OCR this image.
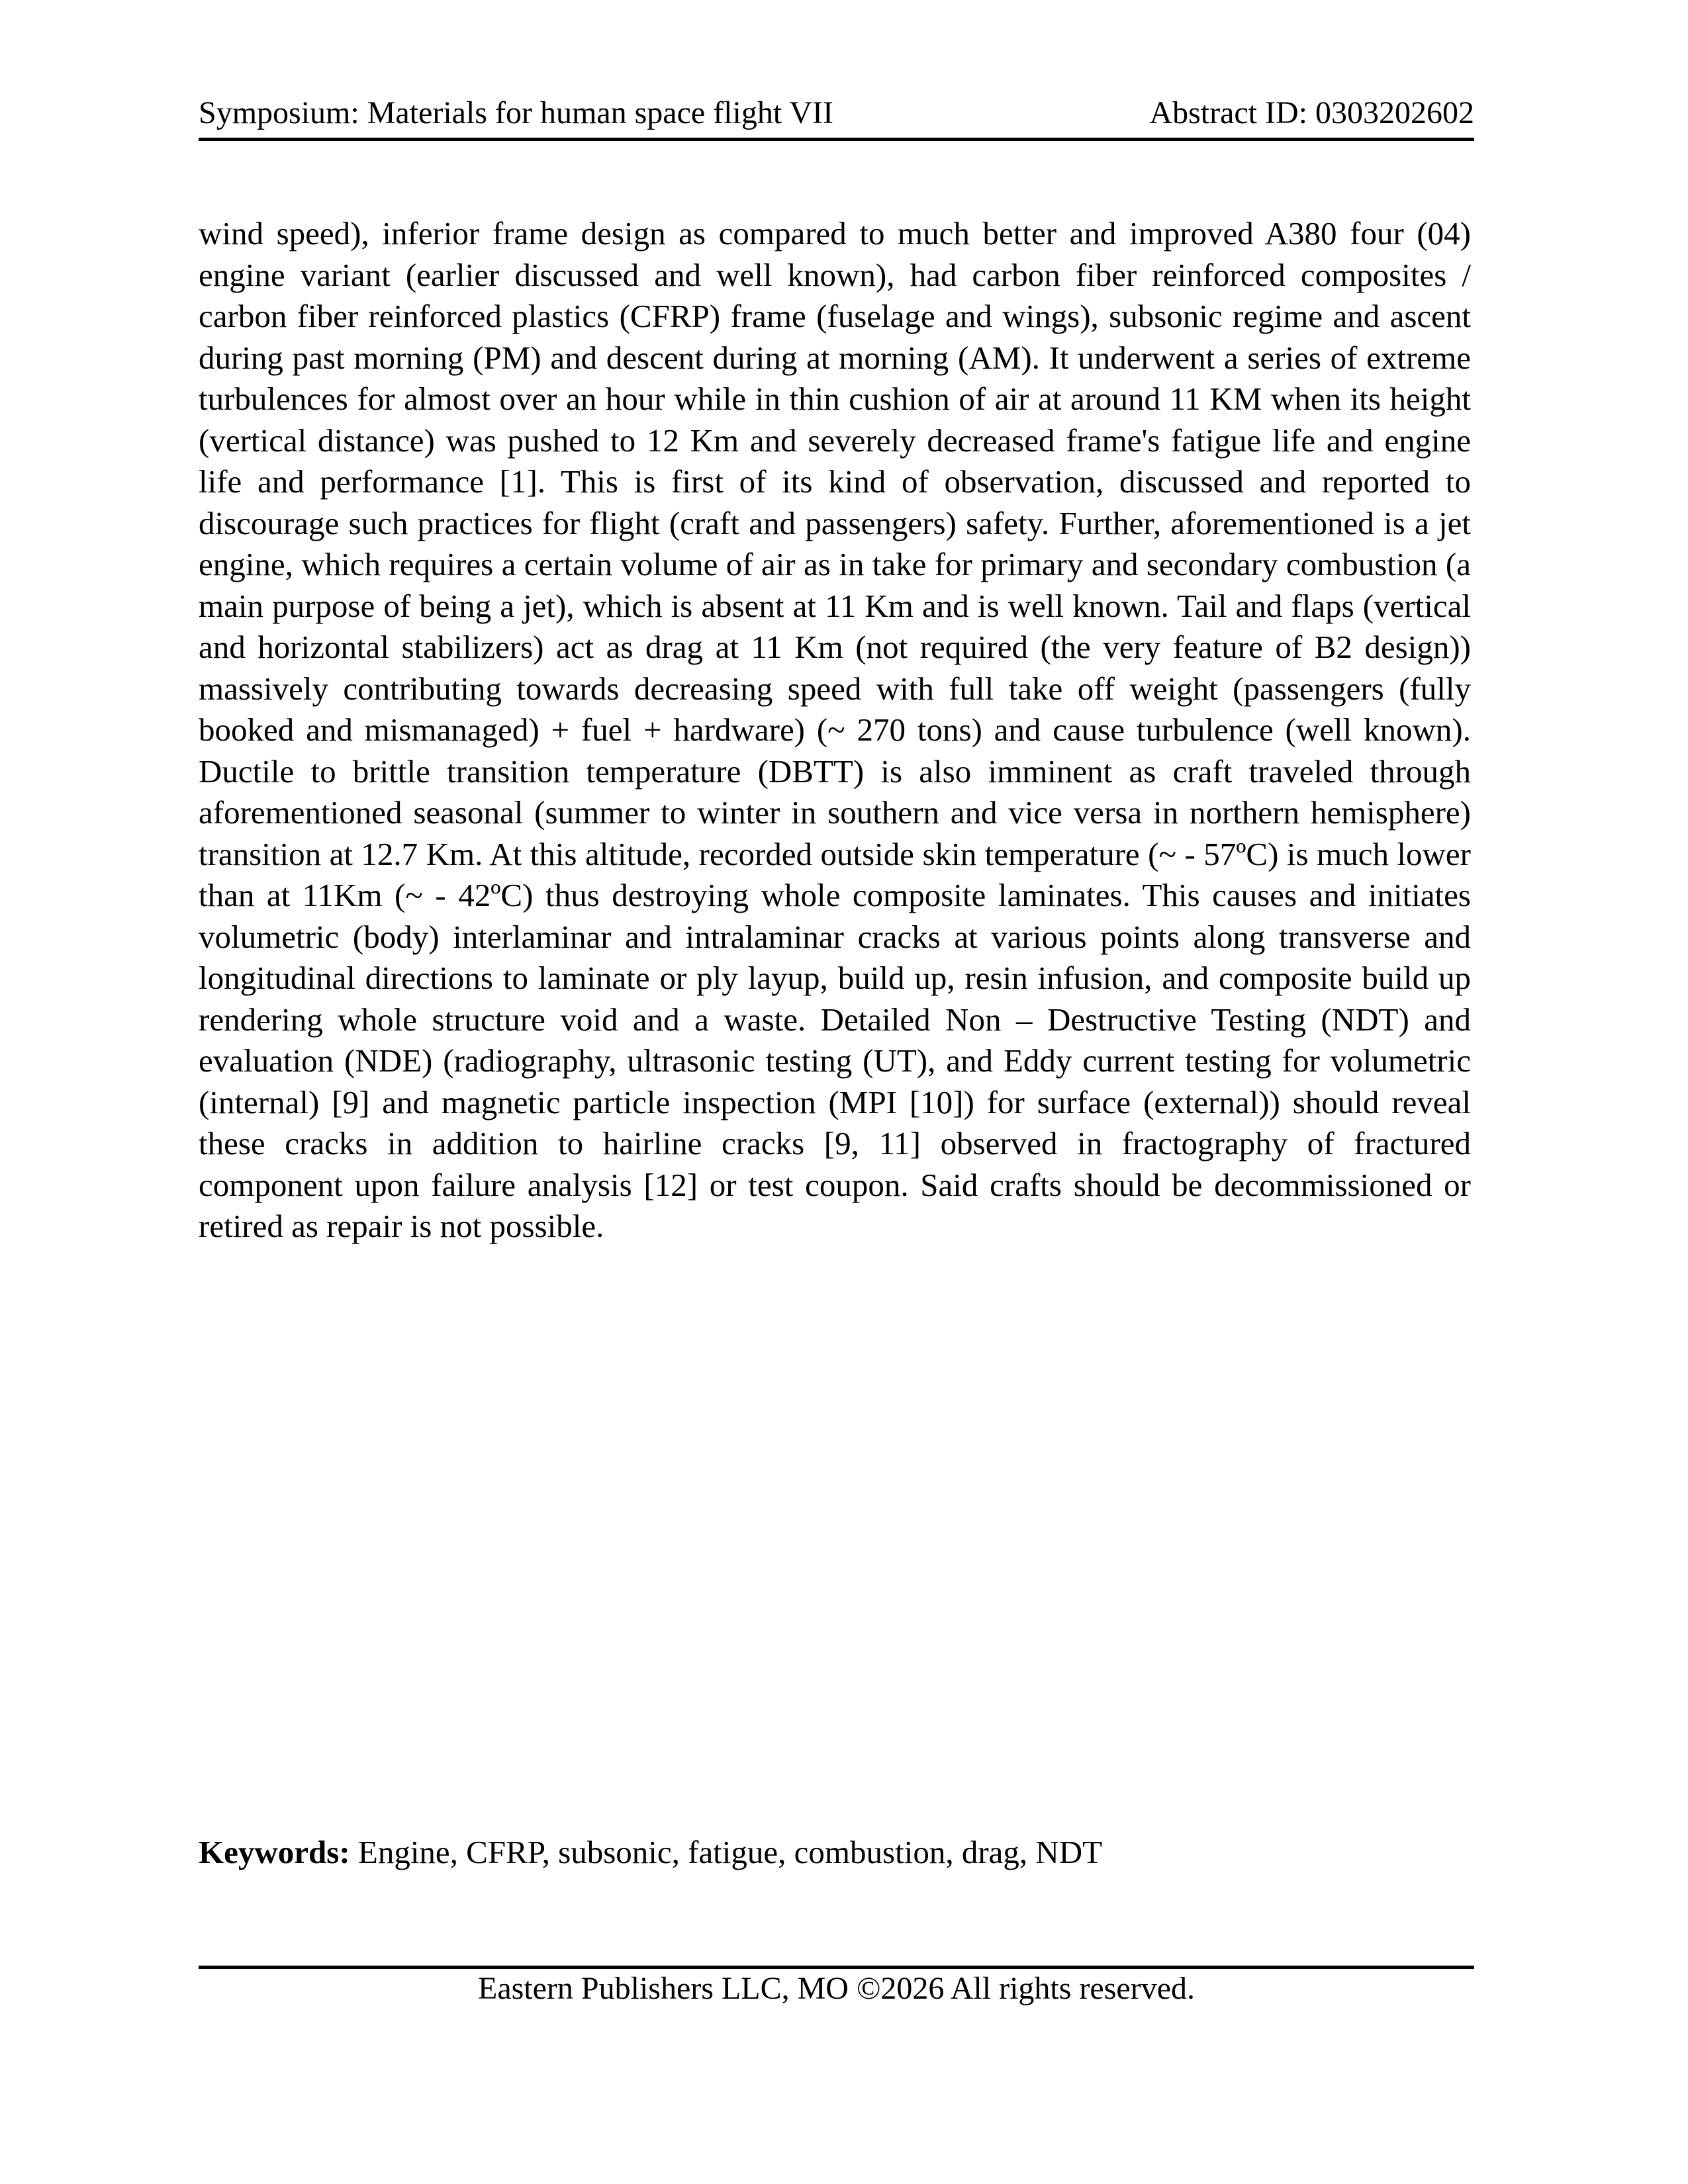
Symposium: Materials for human space flight VII	Abstract ID: 0303202602
wind speed), inferior frame design as compared to much better and improved A380 four (04) engine variant (earlier discussed and well known), had carbon fiber reinforced composites / carbon fiber reinforced plastics (CFRP) frame (fuselage and wings), subsonic regime and ascent during past morning (PM) and descent during at morning (AM). It underwent a series of extreme turbulences for almost over an hour while in thin cushion of air at around 11 KM when its height (vertical distance) was pushed to 12 Km and severely decreased frame's fatigue life and engine life and performance [1]. This is first of its kind of observation, discussed and reported to discourage such practices for flight (craft and passengers) safety. Further, aforementioned is a jet engine, which requires a certain volume of air as in take for primary and secondary combustion (a main purpose of being a jet), which is absent at 11 Km and is well known. Tail and flaps (vertical and horizontal stabilizers) act as drag at 11 Km (not required (the very feature of B2 design)) massively contributing towards decreasing speed with full take off weight (passengers (fully booked and mismanaged) + fuel + hardware) (~ 270 tons) and cause turbulence (well known). Ductile to brittle transition temperature (DBTT) is also imminent as craft traveled through aforementioned seasonal (summer to winter in southern and vice versa in northern hemisphere) transition at 12.7 Km. At this altitude, recorded outside skin temperature (~ - 57ºC) is much lower than at 11Km (~ - 42ºC) thus destroying whole composite laminates. This causes and initiates volumetric (body) interlaminar and intralaminar cracks at various points along transverse and longitudinal directions to laminate or ply layup, build up, resin infusion, and composite build up rendering whole structure void and a waste. Detailed Non – Destructive Testing (NDT) and evaluation (NDE) (radiography, ultrasonic testing (UT), and Eddy current testing for volumetric (internal) [9] and magnetic particle inspection (MPI [10]) for surface (external)) should reveal these cracks in addition to hairline cracks [9, 11] observed in fractography of fractured component upon failure analysis [12] or test coupon. Said crafts should be decommissioned or retired as repair is not possible.
Keywords: Engine, CFRP, subsonic, fatigue, combustion, drag, NDT
Eastern Publishers LLC, MO ©2026 All rights reserved.
